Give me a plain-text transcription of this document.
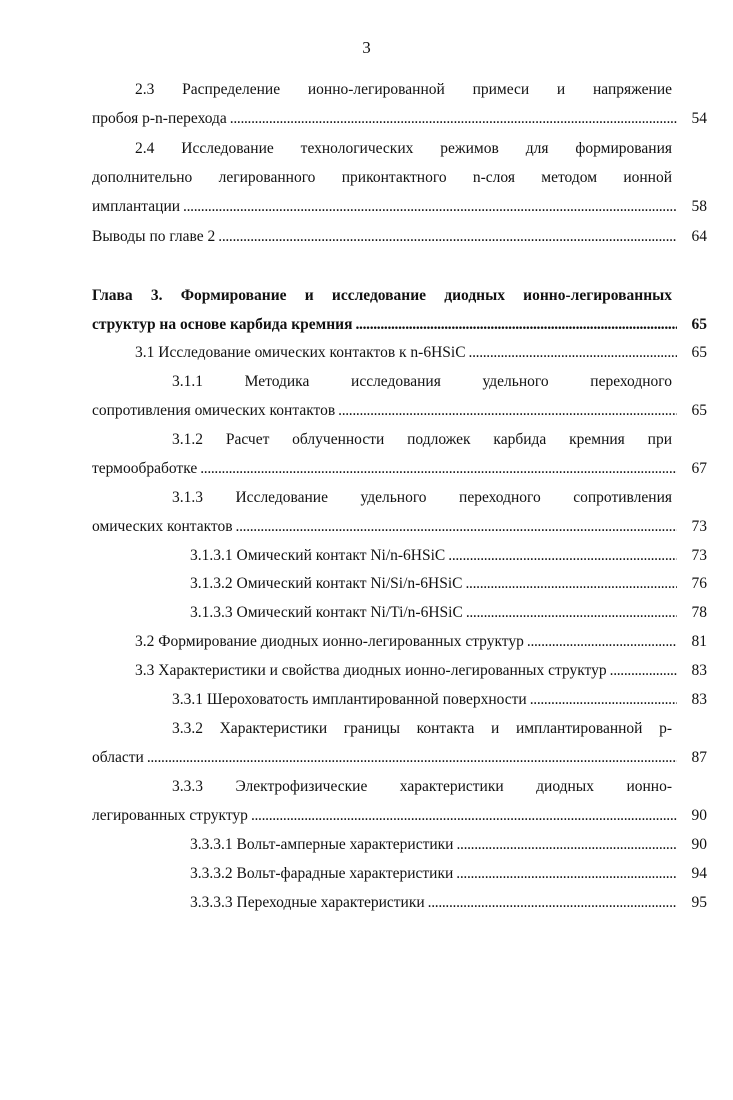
3
2.3 Распределение ионно-легированной примеси и напряжение
пробоя p-n-перехода . . .	54
2.4 Исследование технологических режимов для формирования
дополнительно легированного приконтактного n-слоя методом ионной
имплантации . . .	58
Выводы по главе 2 . . .	64
Глава 3. Формирование и исследование диодных ионно-легированных
структур на основе карбида кремния . . .	65
3.1 Исследование омических контактов к n-6HSiC . . .	65
3.1.1 Методика исследования удельного переходного
сопротивления омических контактов . . .	65
3.1.2 Расчет облученности подложек карбида кремния при
термообработке . . .	67
3.1.3 Исследование удельного переходного сопротивления
омических контактов . . .	73
3.1.3.1 Омический контакт Ni/n-6HSiC . . .	73
3.1.3.2 Омический контакт Ni/Si/n-6HSiC . . .	76
3.1.3.3 Омический контакт Ni/Ti/n-6HSiC . . .	78
3.2 Формирование диодных ионно-легированных структур . . .	81
3.3 Характеристики и свойства диодных ионно-легированных структур . . .	83
3.3.1 Шероховатость имплантированной поверхности . . .	83
3.3.2 Характеристики границы контакта и имплантированной p-
области . . .	87
3.3.3 Электрофизические характеристики диодных ионно-
легированных структур . . .	90
3.3.3.1 Вольт-амперные характеристики . . .	90
3.3.3.2 Вольт-фарадные характеристики . . .	94
3.3.3.3 Переходные характеристики . . .	95
